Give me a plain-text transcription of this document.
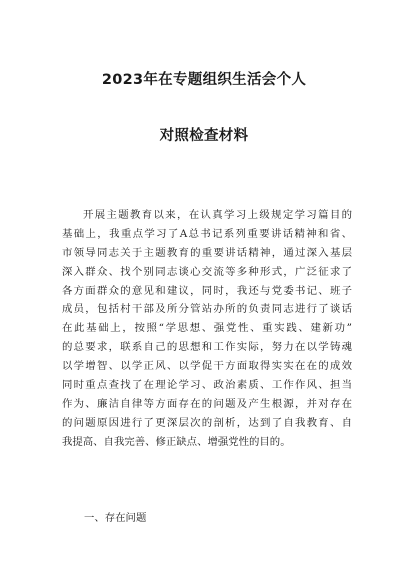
2023年在专题组织生活会个人
对照检查材料
开展主题教育以来，在认真学习上级规定学习篇目的
基础上，我重点学习了A总书记系列重要讲话精神和省、
市领导同志关于主题教育的重要讲话精神，通过深入基层
深入群众、找个别同志谈心交流等多种形式，广泛征求了
各方面群众的意见和建议，同时，我还与党委书记、班子
成员，包括村干部及所分管站办所的负责同志进行了谈话
在此基础上，按照“学思想、强党性、重实践、建新功”
的总要求，联系自己的思想和工作实际，努力在以学铸魂
以学增智、以学正风、以学促干方面取得实实在在的成效
同时重点查找了在理论学习、政治素质、工作作风、担当
作为、廉洁自律等方面存在的问题及产生根源，并对存在
的问题原因进行了更深层次的剖析，达到了自我教育、自
我提高、自我完善、修正缺点、增强党性的目的。
一、存在问题
